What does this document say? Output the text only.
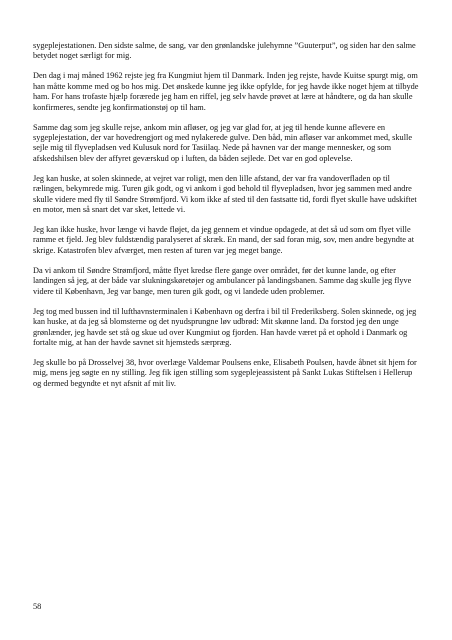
sygeplejestationen. Den sidste salme, de sang, var den grønlandske julehymne ”Guuterput”, og siden har den salme betydet noget særligt for mig.

Den dag i maj måned 1962 rejste jeg fra Kungmiut hjem til Danmark. Inden jeg rejste, havde Kuitse spurgt mig, om han måtte komme med og bo hos mig. Det ønskede kunne jeg ikke opfylde, for jeg havde ikke noget hjem at tilbyde ham. For hans trofaste hjælp forærede jeg ham en riffel, jeg selv havde prøvet at lære at håndtere, og da han skulle konfirmeres, sendte jeg konfirmationstøj op til ham.

Samme dag som jeg skulle rejse, ankom min afløser, og jeg var glad for, at jeg til hende kunne aflevere en sygeplejestation, der var hovedrengjort og med nylakerede gulve. Den båd, min afløser var ankommet med, skulle sejle mig til flyvepladsen ved Kulusuk nord for Tasiilaq. Nede på havnen var der mange mennesker, og som afskedshilsen blev der affyret geværskud op i luften, da båden sejlede. Det var en god oplevelse.

Jeg kan huske, at solen skinnede, at vejret var roligt, men den lille afstand, der var fra vandoverfladen op til rælingen, bekymrede mig. Turen gik godt, og vi ankom i god behold til flyvepladsen, hvor jeg sammen med andre skulle videre med fly til Søndre Strømfjord. Vi kom ikke af sted til den fastsatte tid, fordi flyet skulle have udskiftet en motor, men så snart det var sket, lettede vi.

Jeg kan ikke huske, hvor længe vi havde fløjet, da jeg gennem et vindue opdagede, at det så ud som om flyet ville ramme et fjeld. Jeg blev fuldstændig paralyseret af skræk. En mand, der sad foran mig, sov, men andre begyndte at skrige. Katastrofen blev afværget, men resten af turen var jeg meget bange.

Da vi ankom til Søndre Strømfjord, måtte flyet kredse flere gange over området, før det kunne lande, og efter landingen så jeg, at der både var slukningskøretøjer og ambulancer på landingsbanen. Samme dag skulle jeg flyve videre til København, Jeg var bange, men turen gik godt, og vi landede uden problemer.

Jeg tog med bussen ind til lufthavnsterminalen i København og derfra i bil til Frederiksberg. Solen skinnede, og jeg kan huske, at da jeg så blomsterne og det nyudsprungne løv udbrød: Mit skønne land. Da forstod jeg den unge grønlænder, jeg havde set stå og skue ud over Kungmiut og fjorden. Han havde været på et ophold i Danmark og fortalte mig, at han der havde savnet sit hjemsteds særpræg.

Jeg skulle bo på Drosselvej 38, hvor overlæge Valdemar Poulsens enke, Elisabeth Poulsen, havde åbnet sit hjem for mig, mens jeg søgte en ny stilling. Jeg fik igen stilling som sygeplejeassistent på Sankt Lukas Stiftelsen i Hellerup og dermed begyndte et nyt afsnit af mit liv.

58
